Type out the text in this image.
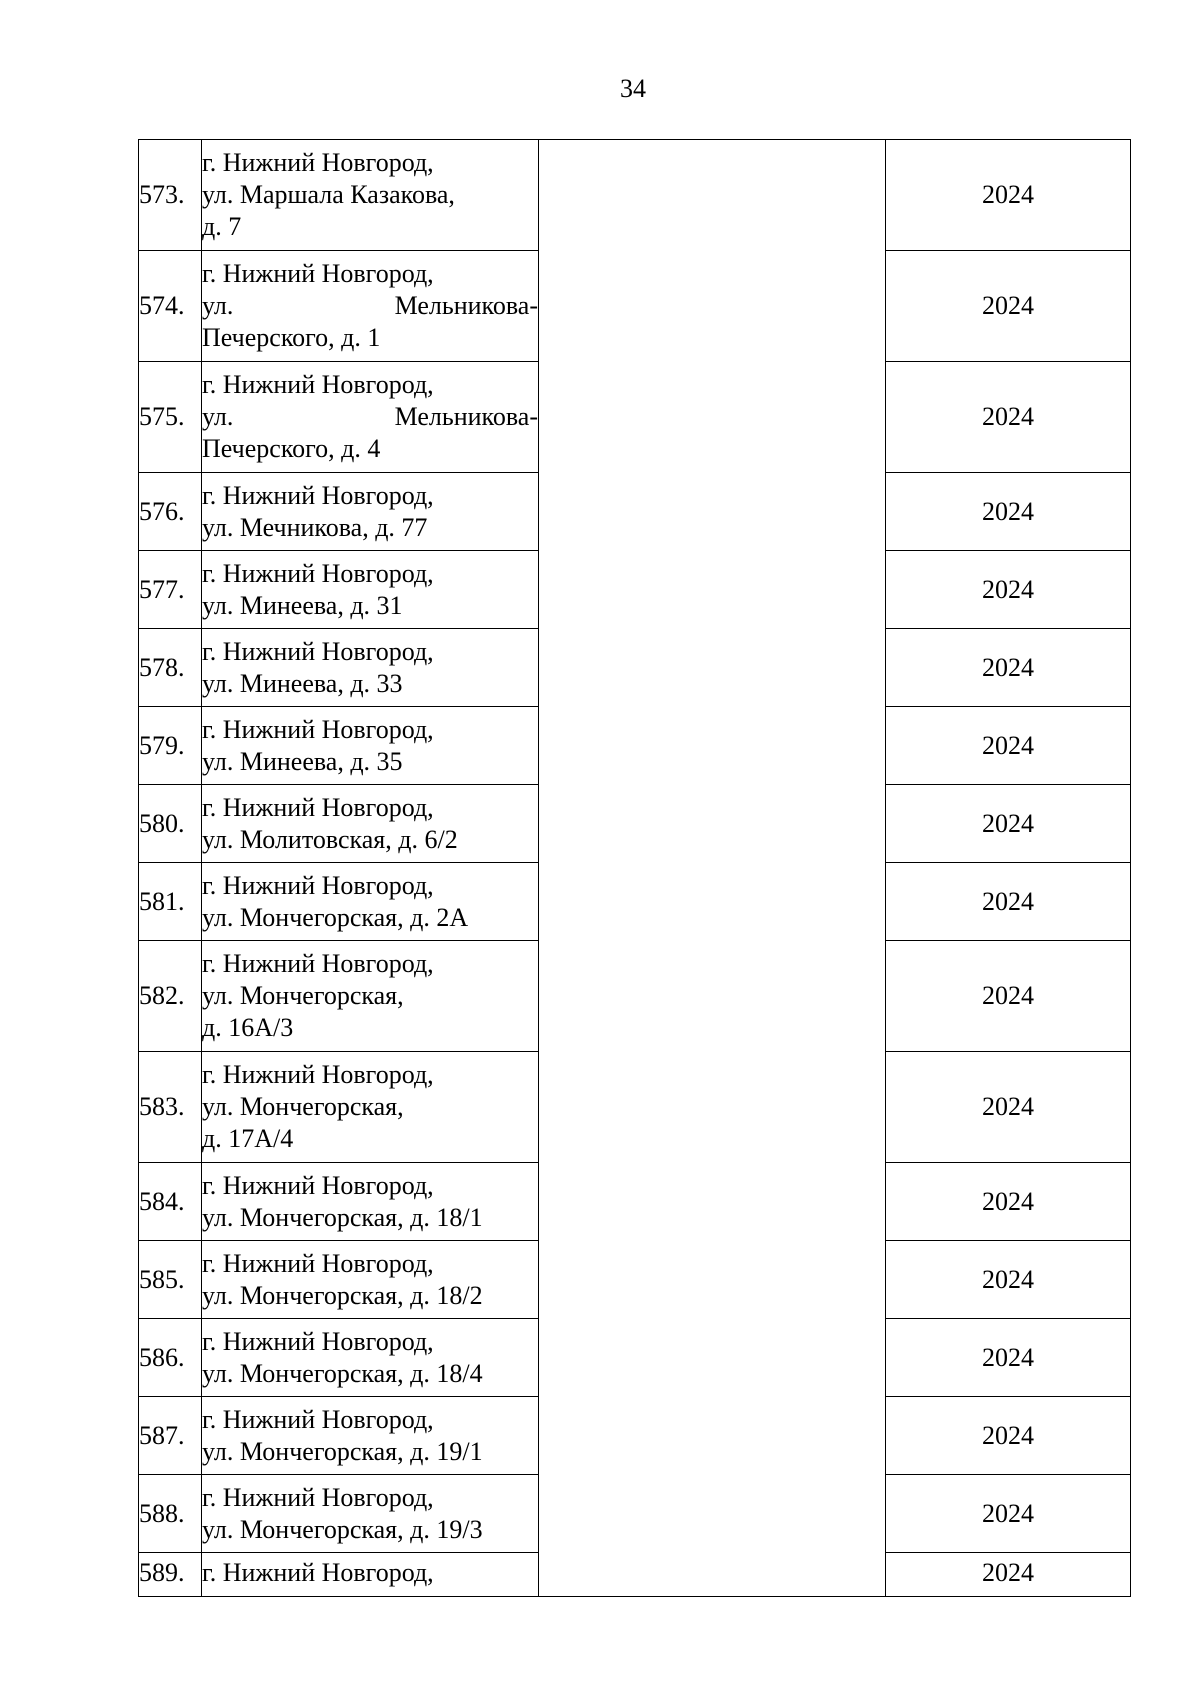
34
573.	г. Нижний Новгород,
ул. Маршала Казакова,
д. 7		2024
574.	г. Нижний Новгород,
ул. Мельникова-
Печерского, д. 1		2024
575.	г. Нижний Новгород,
ул. Мельникова-
Печерского, д. 4		2024
576.	г. Нижний Новгород,
ул. Мечникова, д. 77		2024
577.	г. Нижний Новгород,
ул. Минеева, д. 31		2024
578.	г. Нижний Новгород,
ул. Минеева, д. 33		2024
579.	г. Нижний Новгород,
ул. Минеева, д. 35		2024
580.	г. Нижний Новгород,
ул. Молитовская, д. 6/2		2024
581.	г. Нижний Новгород,
ул. Мончегорская, д. 2А		2024
582.	г. Нижний Новгород,
ул. Мончегорская,
д. 16А/3		2024
583.	г. Нижний Новгород,
ул. Мончегорская,
д. 17А/4		2024
584.	г. Нижний Новгород,
ул. Мончегорская, д. 18/1		2024
585.	г. Нижний Новгород,
ул. Мончегорская, д. 18/2		2024
586.	г. Нижний Новгород,
ул. Мончегорская, д. 18/4		2024
587.	г. Нижний Новгород,
ул. Мончегорская, д. 19/1		2024
588.	г. Нижний Новгород,
ул. Мончегорская, д. 19/3		2024
589.	г. Нижний Новгород,		2024
